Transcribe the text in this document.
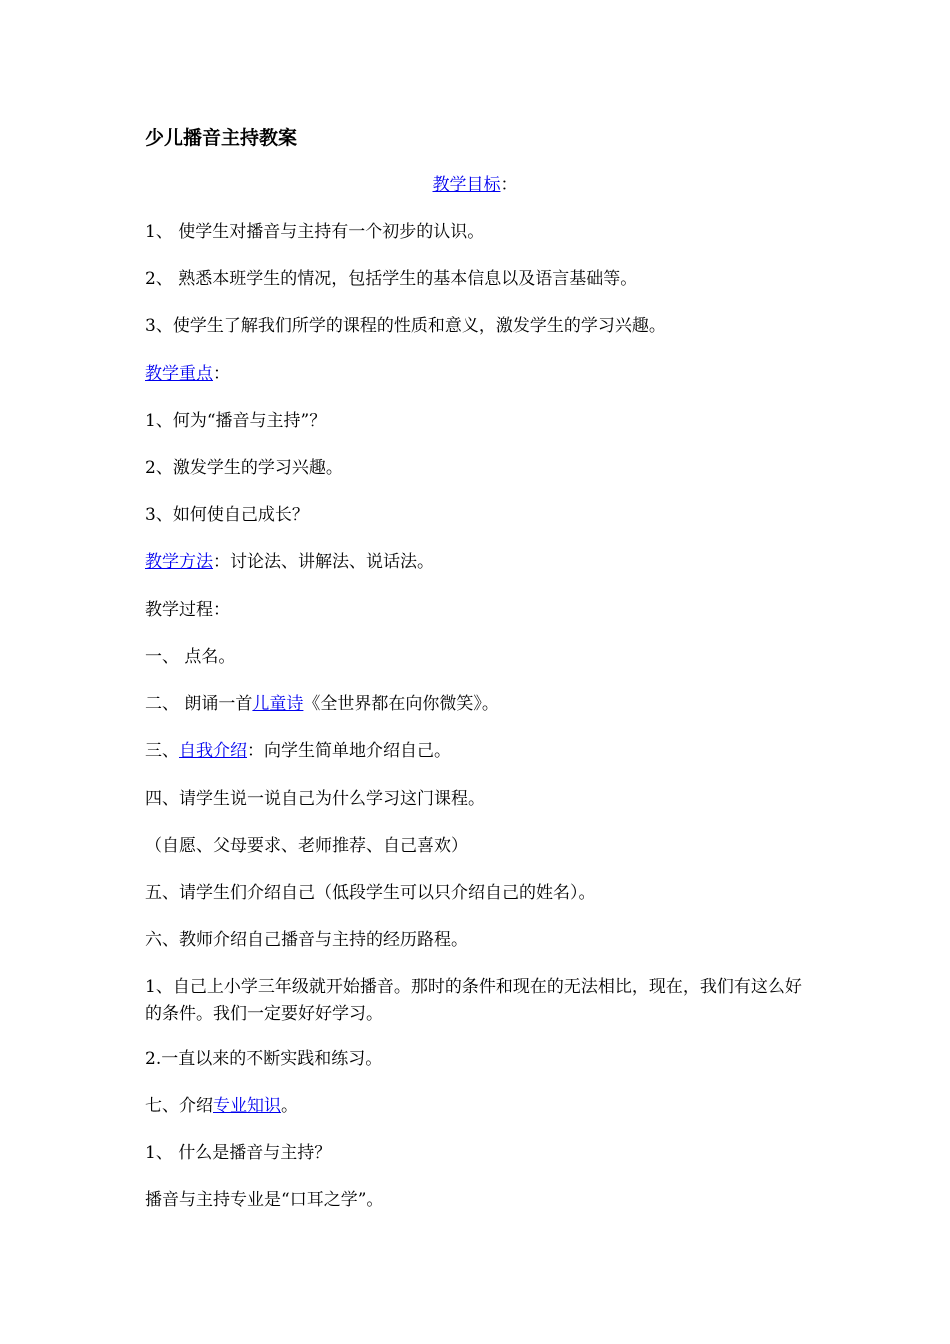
少儿播音主持教案

教学目标：

1、 使学生对播音与主持有一个初步的认识。

2、 熟悉本班学生的情况，包括学生的基本信息以及语言基础等。

3、使学生了解我们所学的课程的性质和意义，激发学生的学习兴趣。

教学重点：

1、何为“播音与主持”？

2、激发学生的学习兴趣。

3、如何使自己成长？

教学方法：讨论法、讲解法、说话法。

教学过程：

一、 点名。

二、 朗诵一首儿童诗《全世界都在向你微笑》。

三、自我介绍：向学生简单地介绍自己。

四、请学生说一说自己为什么学习这门课程。

（自愿、父母要求、老师推荐、自己喜欢）

五、请学生们介绍自己（低段学生可以只介绍自己的姓名）。

六、教师介绍自己播音与主持的经历路程。

1、自己上小学三年级就开始播音。那时的条件和现在的无法相比，现在，我们有这么好的条件。我们一定要好好学习。

2.一直以来的不断实践和练习。

七、介绍专业知识。

1、 什么是播音与主持？

播音与主持专业是“口耳之学”。
